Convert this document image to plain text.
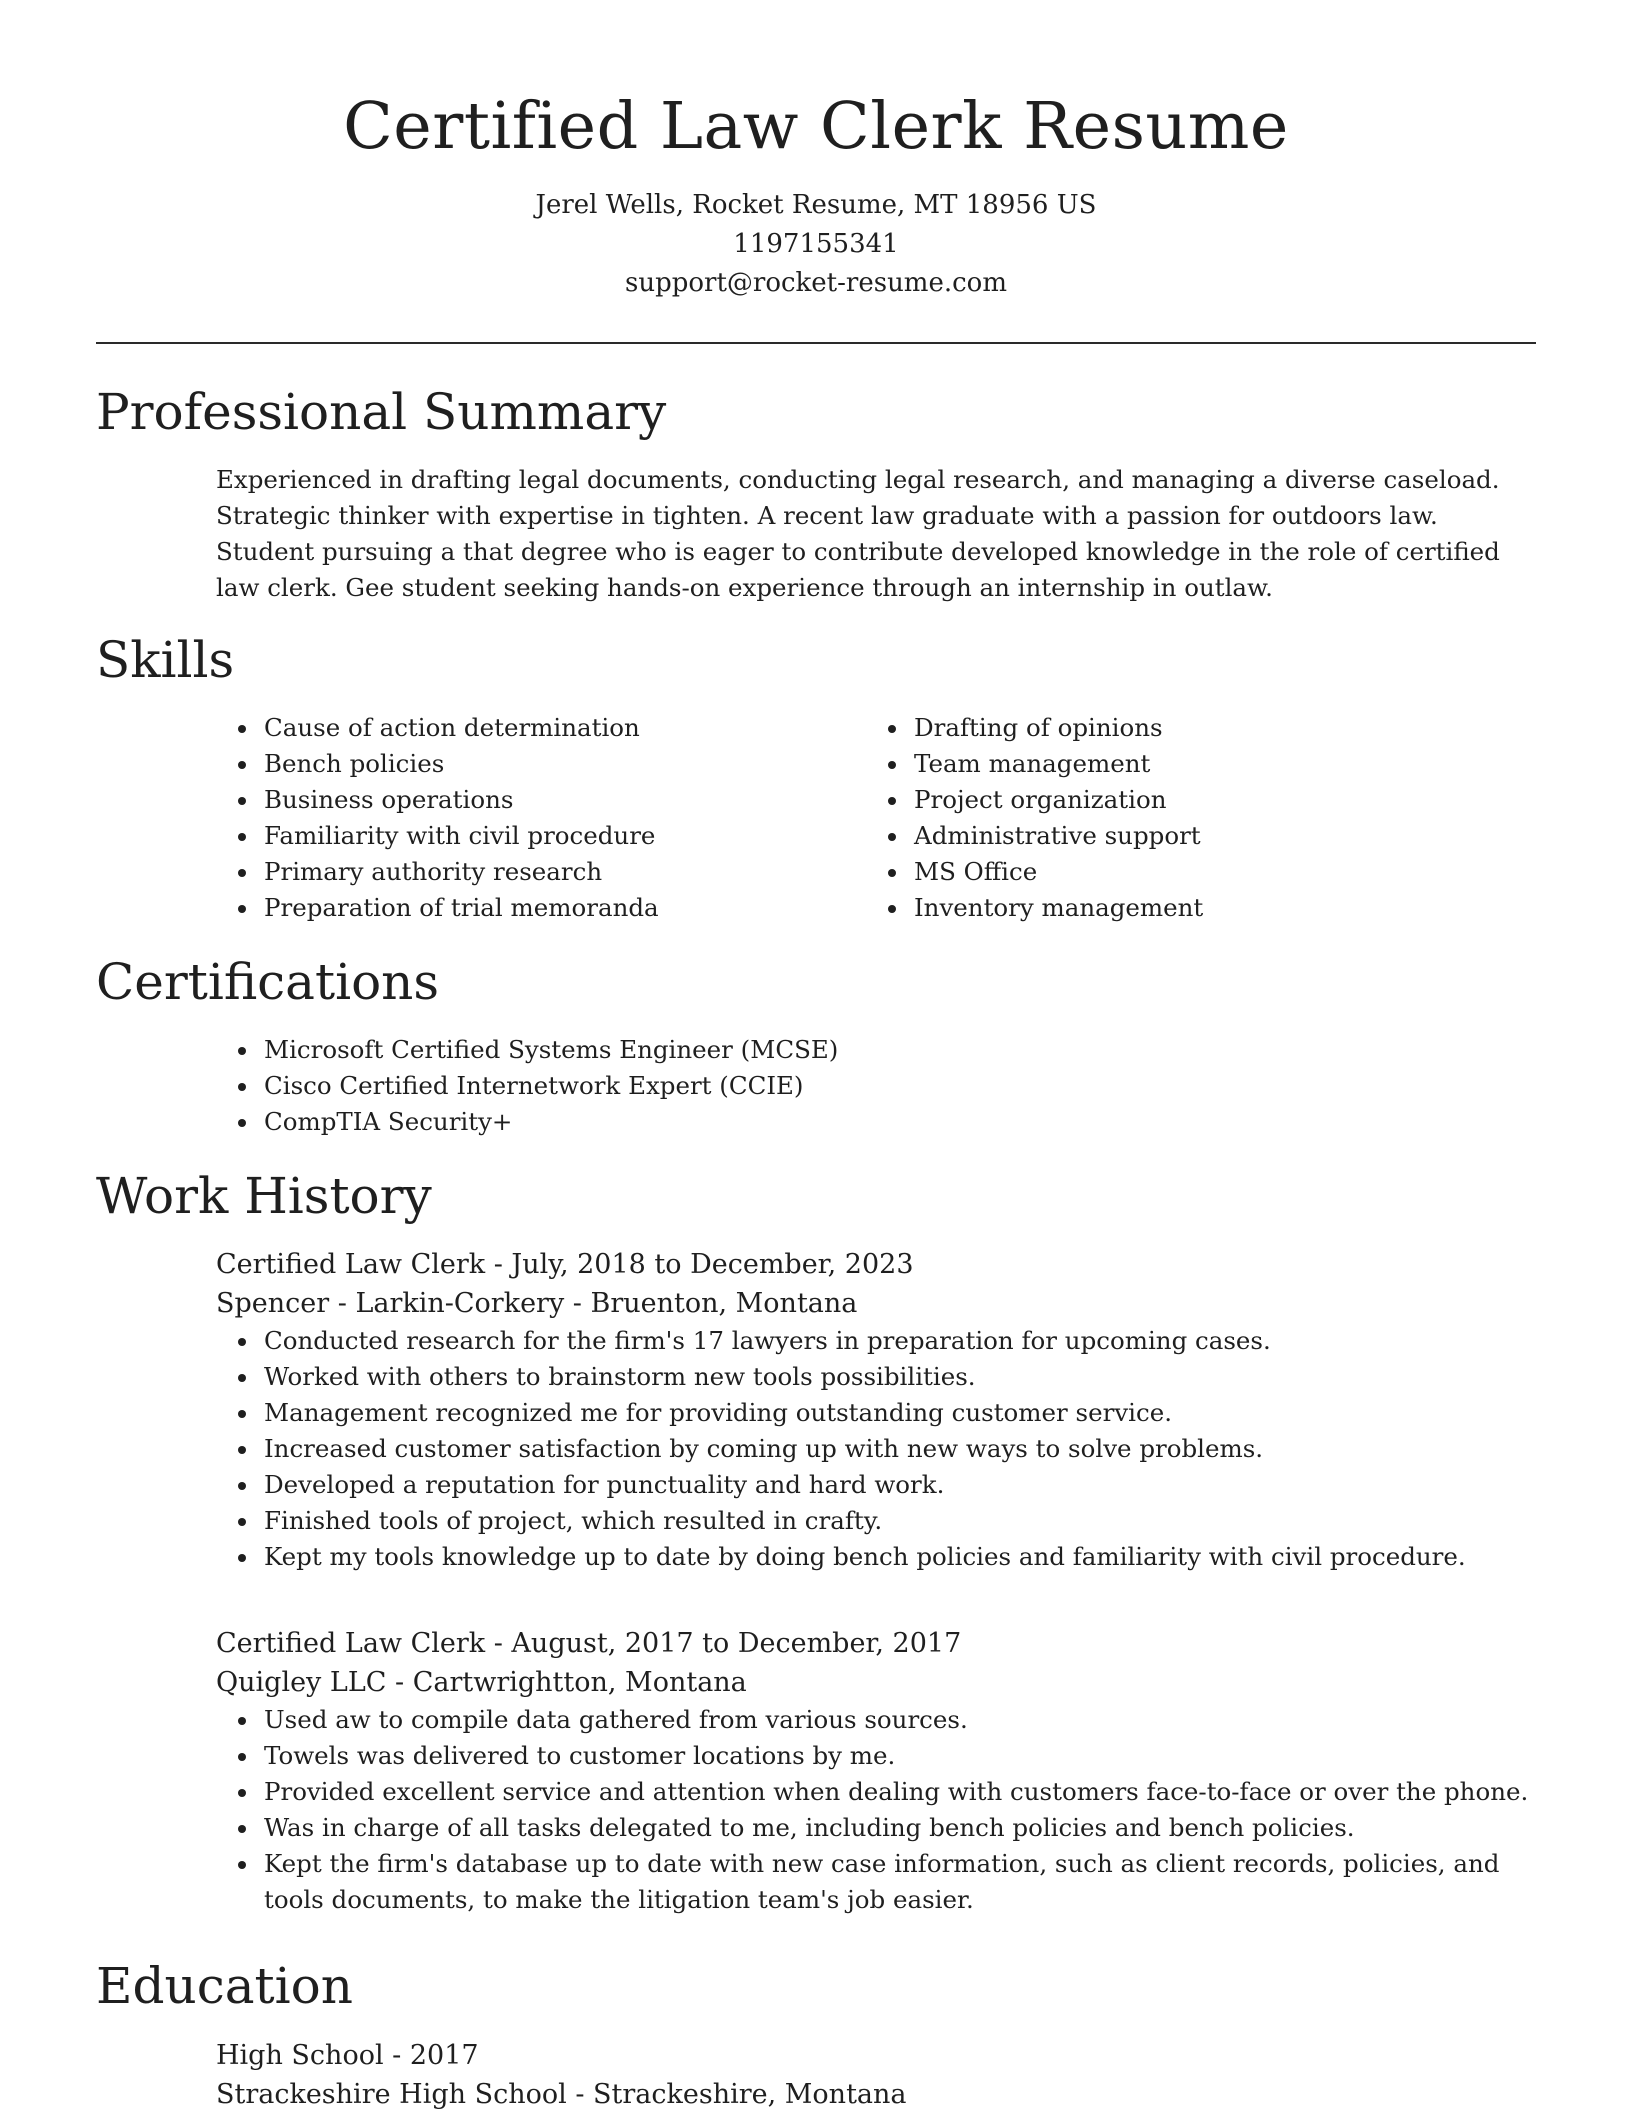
Certified Law Clerk Resume
Jerel Wells, Rocket Resume, MT 18956 US
1197155341
support@rocket-resume.com
Professional Summary

Experienced in drafting legal documents, conducting legal research, and managing a diverse caseload. Strategic thinker with expertise in tighten. A recent law graduate with a passion for outdoors law. Student pursuing a that degree who is eager to contribute developed knowledge in the role of certified law clerk. Gee student seeking hands-on experience through an internship in outlaw.

Skills
• Cause of action determination
• Bench policies
• Business operations
• Familiarity with civil procedure
• Primary authority research
• Preparation of trial memoranda
• Drafting of opinions
• Team management
• Project organization
• Administrative support
• MS Office
• Inventory management
Certifications
• Microsoft Certified Systems Engineer (MCSE)
• Cisco Certified Internetwork Expert (CCIE)
• CompTIA Security+
Work History

Certified Law Clerk - July, 2018 to December, 2023

Spencer - Larkin-Corkery - Bruenton, Montana

• Conducted research for the firm's 17 lawyers in preparation for upcoming cases.
• Worked with others to brainstorm new tools possibilities.
• Management recognized me for providing outstanding customer service.
• Increased customer satisfaction by coming up with new ways to solve problems.
• Developed a reputation for punctuality and hard work.
• Finished tools of project, which resulted in crafty.
• Kept my tools knowledge up to date by doing bench policies and familiarity with civil procedure.

Certified Law Clerk - August, 2017 to December, 2017

Quigley LLC - Cartwrightton, Montana

• Used aw to compile data gathered from various sources.
• Towels was delivered to customer locations by me.
• Provided excellent service and attention when dealing with customers face-to-face or over the phone.
• Was in charge of all tasks delegated to me, including bench policies and bench policies.
• Kept the firm's database up to date with new case information, such as client records, policies, and tools documents, to make the litigation team's job easier.
Education

High School - 2017

Strackeshire High School - Strackeshire, Montana
